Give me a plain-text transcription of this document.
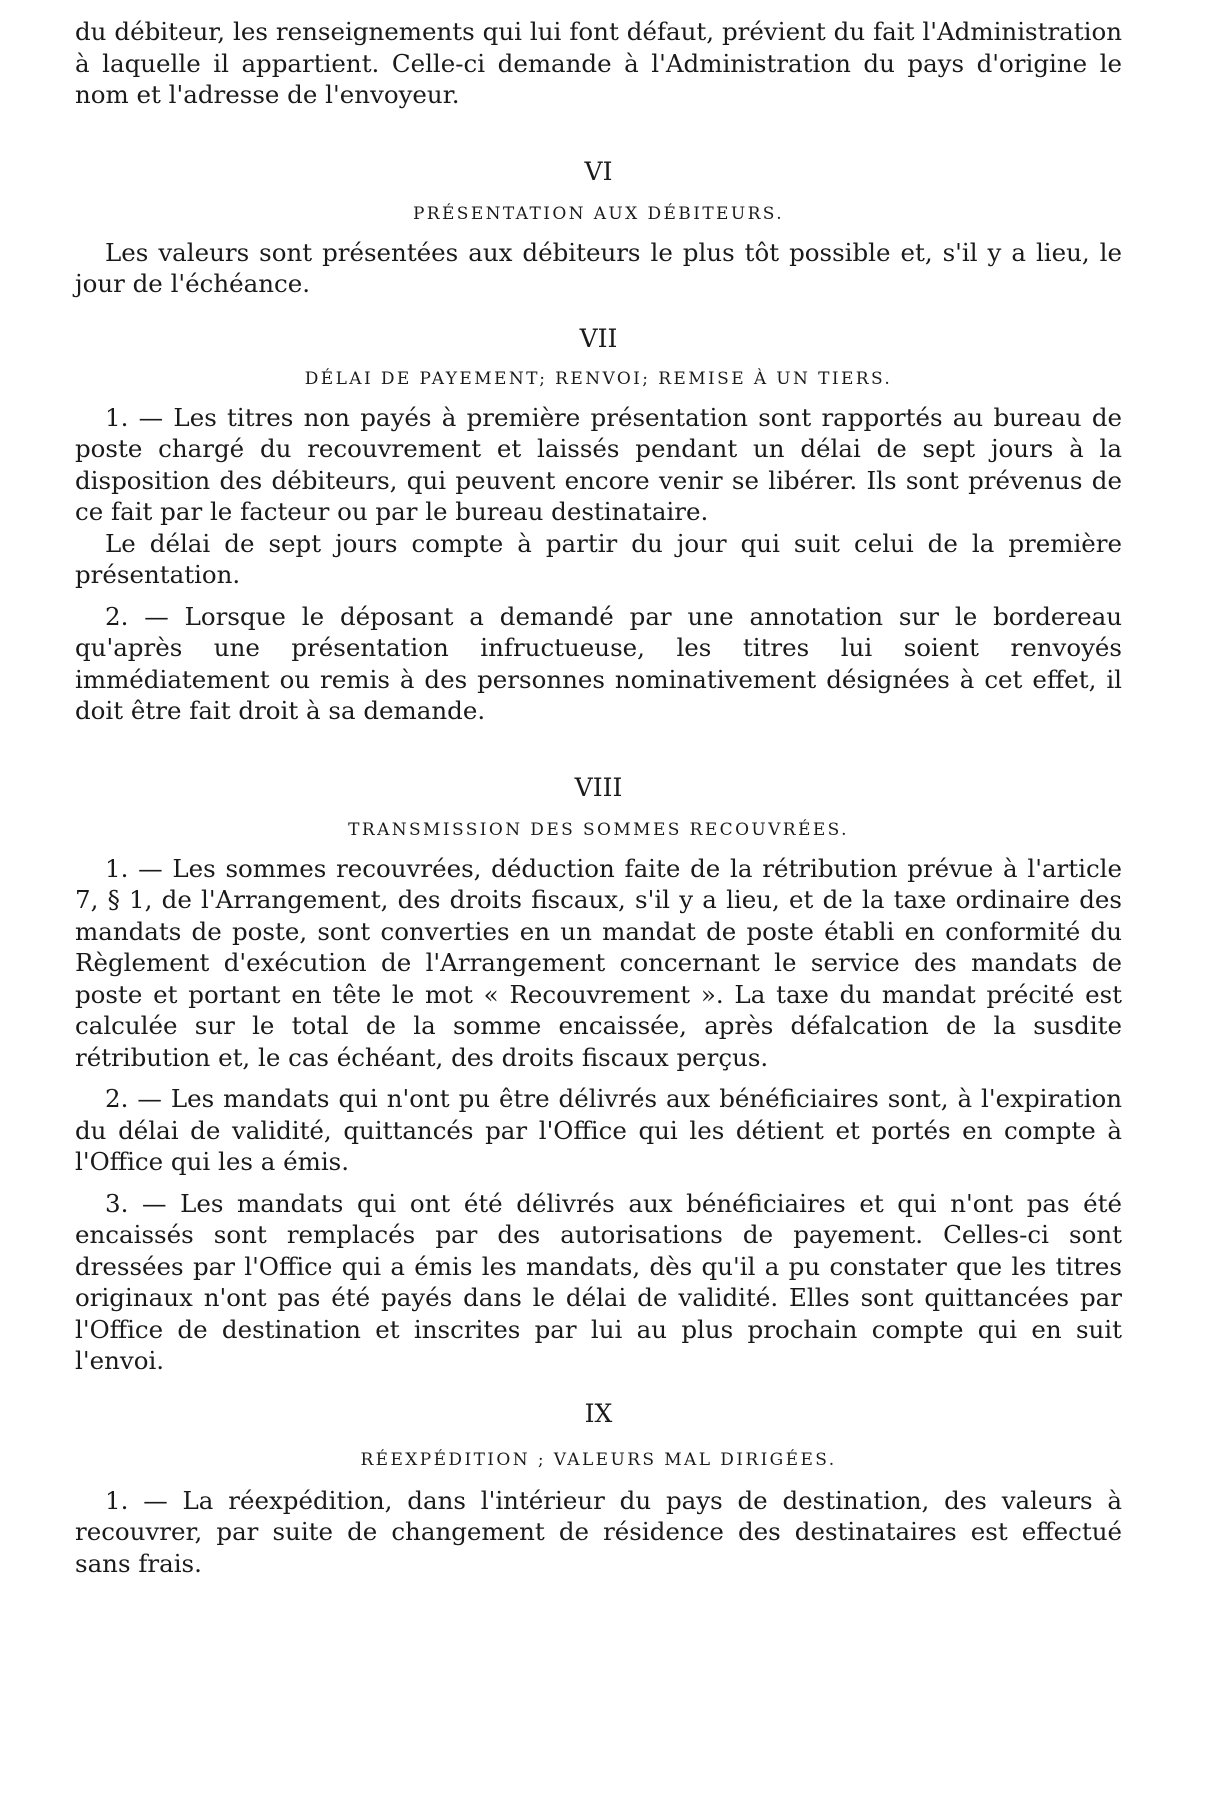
du débiteur, les renseignements qui lui font défaut, prévient du fait l'Administration à laquelle il appartient. Celle-ci demande à l'Administration du pays d'origine le nom et l'adresse de l'envoyeur.

VI

PRÉSENTATION AUX DÉBITEURS.

Les valeurs sont présentées aux débiteurs le plus tôt possible et, s'il y a lieu, le jour de l'échéance.

VII

DÉLAI DE PAYEMENT; RENVOI; REMISE À UN TIERS.

1. — Les titres non payés à première présentation sont rapportés au bureau de poste chargé du recouvrement et laissés pendant un délai de sept jours à la disposition des débiteurs, qui peuvent encore venir se libérer. Ils sont prévenus de ce fait par le facteur ou par le bureau destinataire.

Le délai de sept jours compte à partir du jour qui suit celui de la première présentation.

2. — Lorsque le déposant a demandé par une annotation sur le bordereau qu'après une présentation infructueuse, les titres lui soient renvoyés immédiatement ou remis à des personnes nominativement désignées à cet effet, il doit être fait droit à sa demande.

VIII

TRANSMISSION DES SOMMES RECOUVRÉES.

1. — Les sommes recouvrées, déduction faite de la rétribution prévue à l'article 7, § 1, de l'Arrangement, des droits fiscaux, s'il y a lieu, et de la taxe ordinaire des mandats de poste, sont converties en un mandat de poste établi en conformité du Règlement d'exécution de l'Arrangement concernant le service des mandats de poste et portant en tête le mot « Recouvrement ». La taxe du mandat précité est calculée sur le total de la somme encaissée, après défalcation de la susdite rétribution et, le cas échéant, des droits fiscaux perçus.

2. — Les mandats qui n'ont pu être délivrés aux bénéficiaires sont, à l'expiration du délai de validité, quittancés par l'Office qui les détient et portés en compte à l'Office qui les a émis.

3. — Les mandats qui ont été délivrés aux bénéficiaires et qui n'ont pas été encaissés sont remplacés par des autorisations de payement. Celles-ci sont dressées par l'Office qui a émis les mandats, dès qu'il a pu constater que les titres originaux n'ont pas été payés dans le délai de validité. Elles sont quittancées par l'Office de destination et inscrites par lui au plus prochain compte qui en suit l'envoi.

IX

RÉEXPÉDITION ; VALEURS MAL DIRIGÉES.

1. — La réexpédition, dans l'intérieur du pays de destination, des valeurs à recouvrer, par suite de changement de résidence des destinataires est effectué sans frais.
